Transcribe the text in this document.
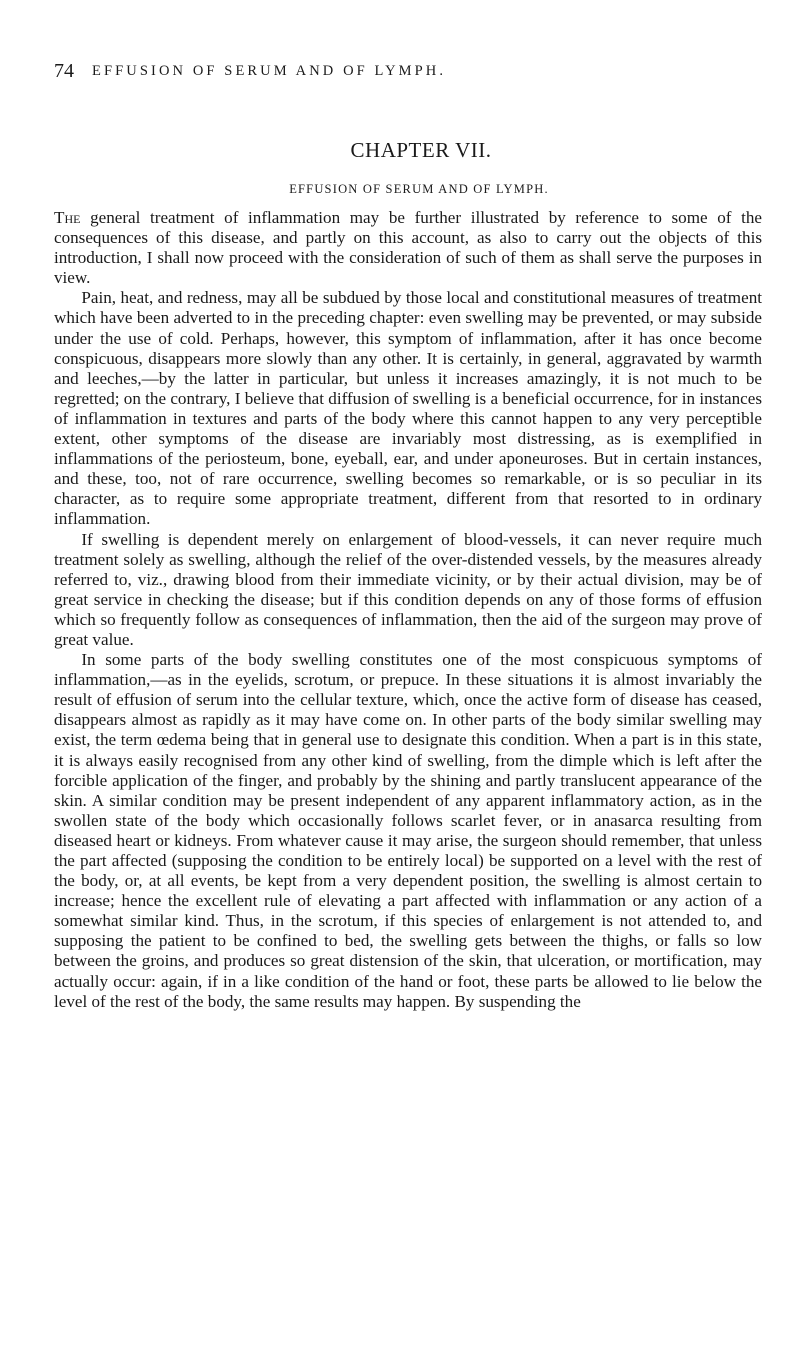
74 EFFUSION OF SERUM AND OF LYMPH.
CHAPTER VII.
EFFUSION OF SERUM AND OF LYMPH.

The general treatment of inflammation may be further illustrated by reference to some of the consequences of this disease, and partly on this account, as also to carry out the objects of this introduction, I shall now proceed with the consideration of such of them as shall serve the purposes in view.

Pain, heat, and redness, may all be subdued by those local and constitutional measures of treatment which have been adverted to in the preceding chapter: even swelling may be prevented, or may subside under the use of cold. Perhaps, however, this symptom of inflammation, after it has once become conspicuous, disappears more slowly than any other. It is certainly, in general, aggravated by warmth and leeches,—by the latter in particular, but unless it increases amazingly, it is not much to be regretted; on the contrary, I believe that diffusion of swelling is a beneficial occurrence, for in instances of inflammation in textures and parts of the body where this cannot happen to any very perceptible extent, other symptoms of the disease are invariably most distressing, as is exemplified in inflammations of the periosteum, bone, eyeball, ear, and under aponeuroses. But in certain instances, and these, too, not of rare occurrence, swelling becomes so remarkable, or is so peculiar in its character, as to require some appropriate treatment, different from that resorted to in ordinary inflammation.

If swelling is dependent merely on enlargement of blood-vessels, it can never require much treatment solely as swelling, although the relief of the over-distended vessels, by the measures already referred to, viz., drawing blood from their immediate vicinity, or by their actual division, may be of great service in checking the disease; but if this condition depends on any of those forms of effusion which so frequently follow as consequences of inflammation, then the aid of the surgeon may prove of great value.

In some parts of the body swelling constitutes one of the most conspicuous symptoms of inflammation,—as in the eyelids, scrotum, or prepuce. In these situations it is almost invariably the result of effusion of serum into the cellular texture, which, once the active form of disease has ceased, disappears almost as rapidly as it may have come on. In other parts of the body similar swelling may exist, the term œdema being that in general use to designate this condition. When a part is in this state, it is always easily recognised from any other kind of swelling, from the dimple which is left after the forcible application of the finger, and probably by the shining and partly translucent appearance of the skin. A similar condition may be present independent of any apparent inflammatory action, as in the swollen state of the body which occasionally follows scarlet fever, or in anasarca resulting from diseased heart or kidneys. From whatever cause it may arise, the surgeon should remember, that unless the part affected (supposing the condition to be entirely local) be supported on a level with the rest of the body, or, at all events, be kept from a very dependent position, the swelling is almost certain to increase; hence the excellent rule of elevating a part affected with inflammation or any action of a somewhat similar kind. Thus, in the scrotum, if this species of enlargement is not attended to, and supposing the patient to be confined to bed, the swelling gets between the thighs, or falls so low between the groins, and produces so great distension of the skin, that ulceration, or mortification, may actually occur: again, if in a like condition of the hand or foot, these parts be allowed to lie below the level of the rest of the body, the same results may happen. By suspending the
